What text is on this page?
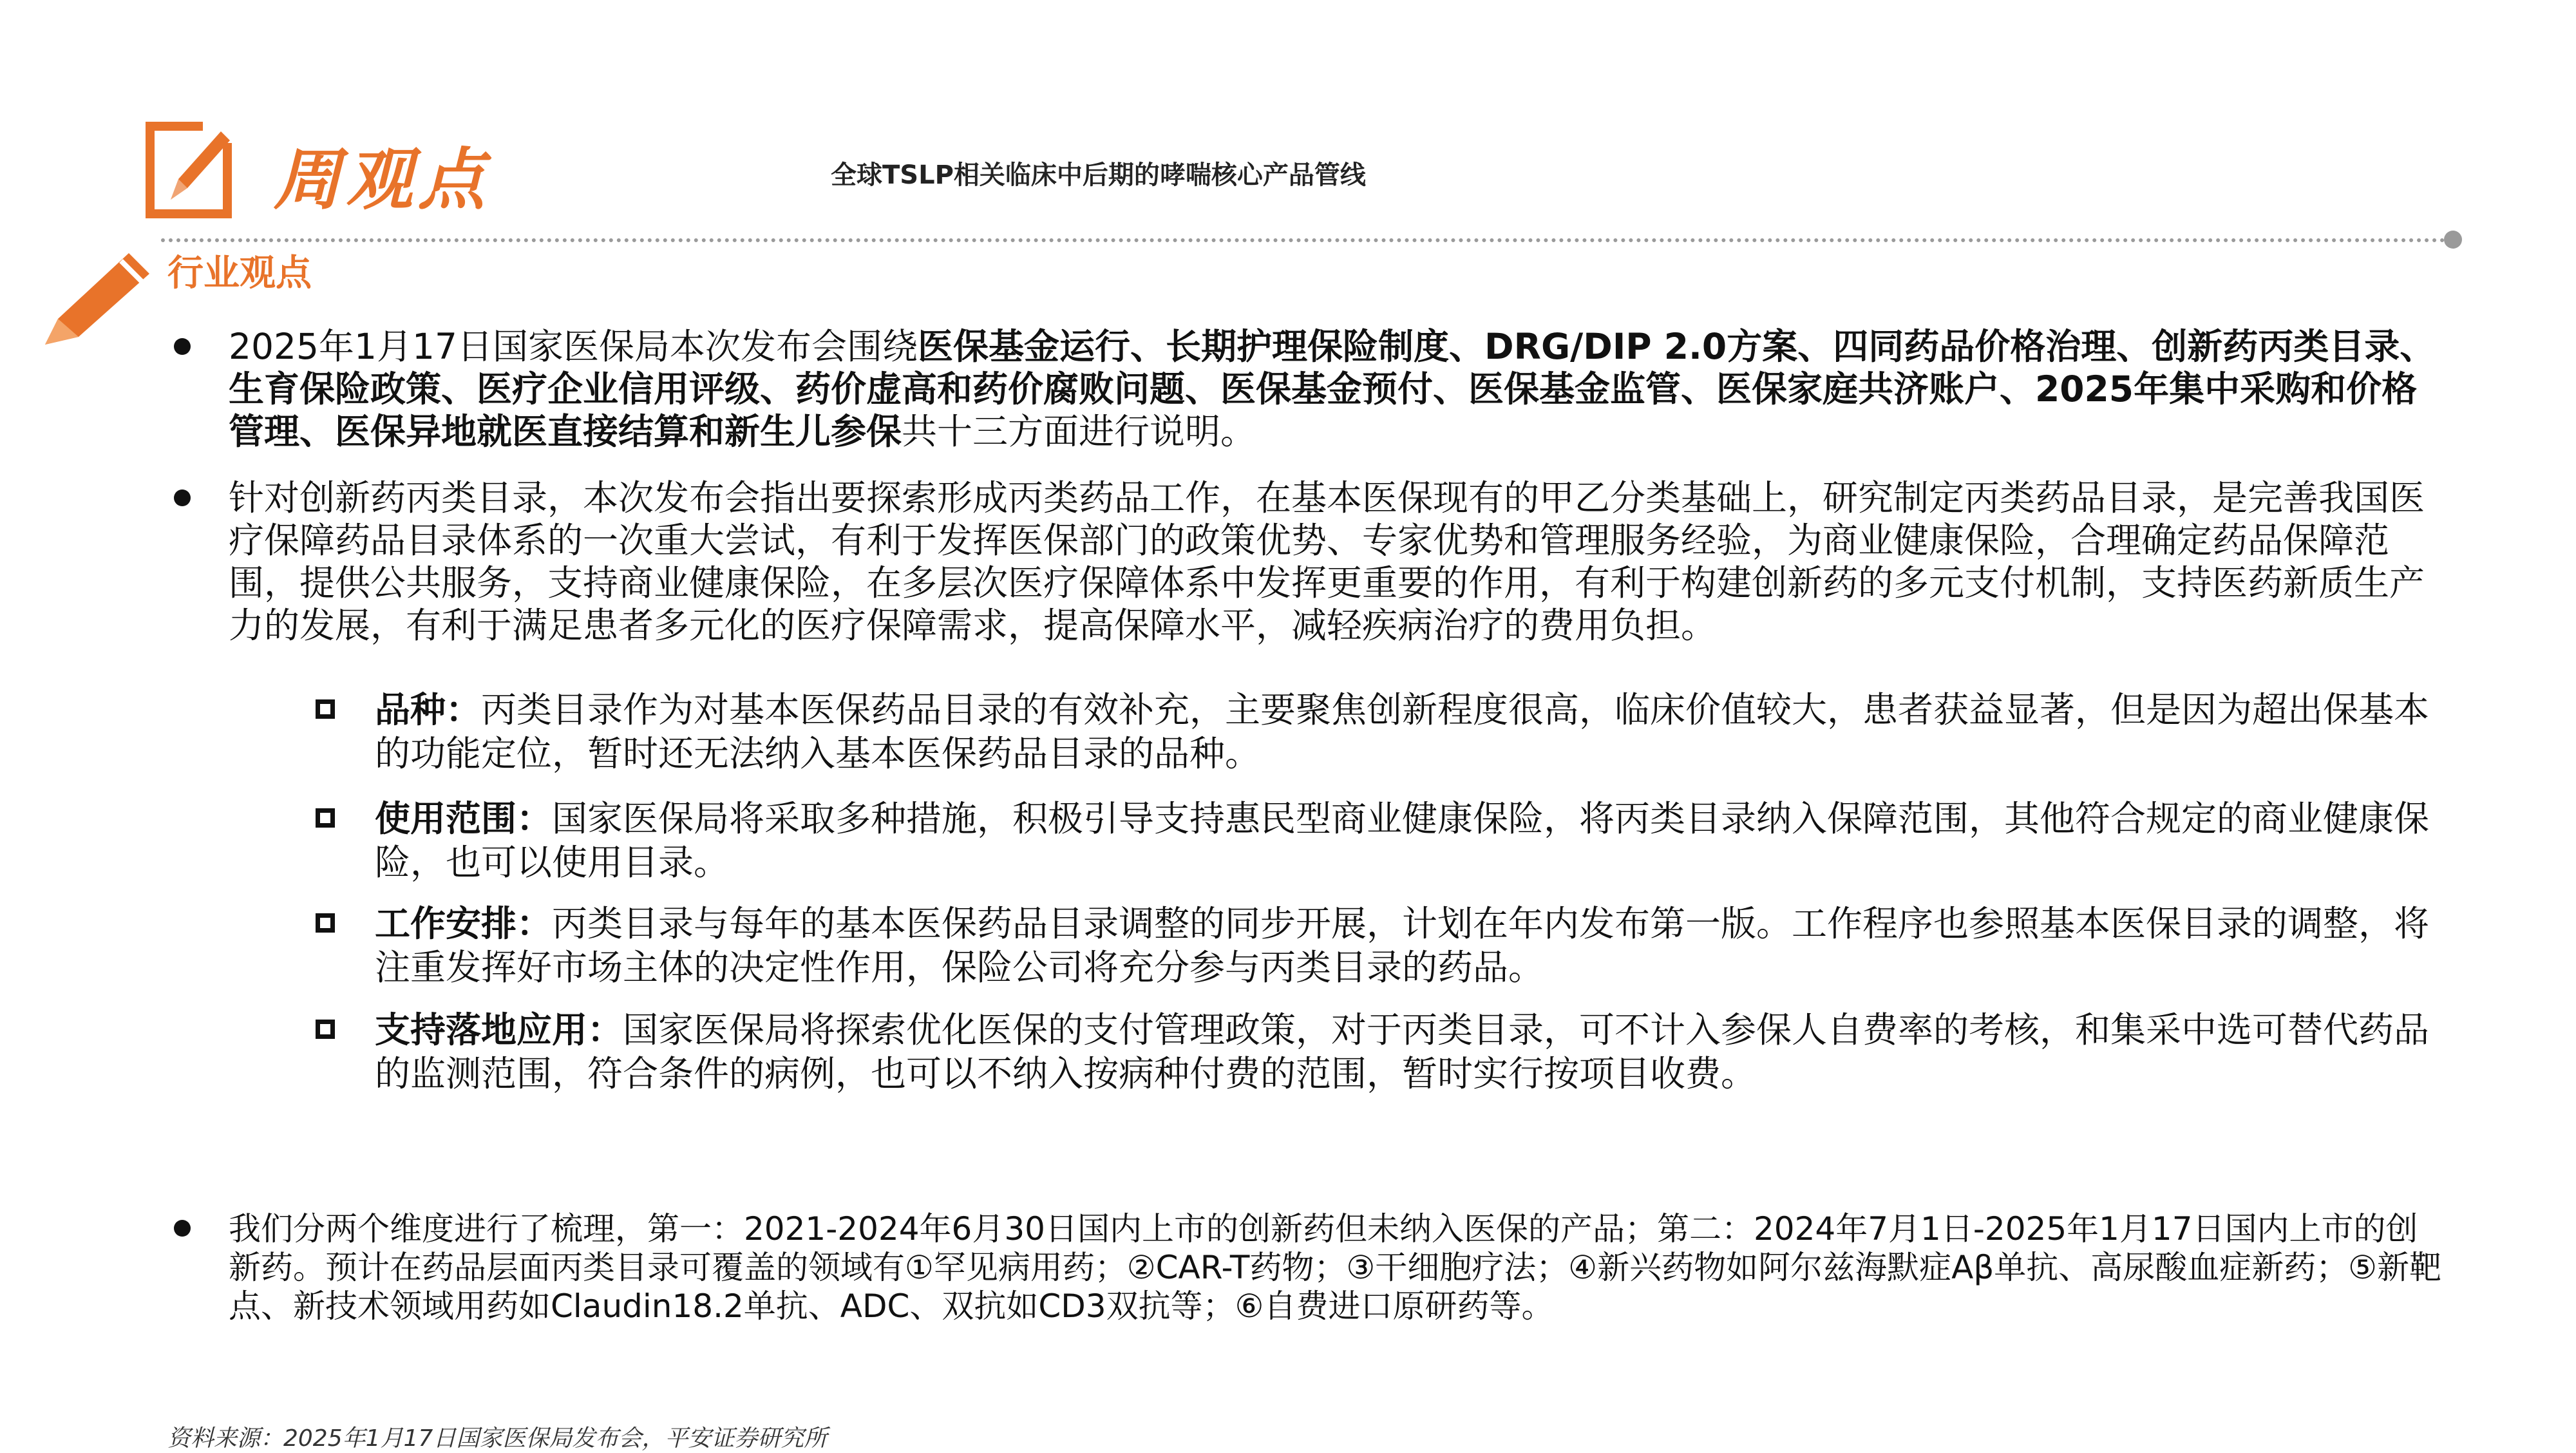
周观点	全球TSLP相关临床中后期的哮喘核心产品管线
行业观点
2025年1月17日国家医保局本次发布会围绕医保基金运行、长期护理保险制度、DRG/DIP 2.0方案、四同药品价格治理、创新药丙类目录、生育保险政策、医疗企业信用评级、药价虚高和药价腐败问题、医保基金预付、医保基金监管、医保家庭共济账户、2025年集中采购和价格管理、医保异地就医直接结算和新生儿参保共十三方面进行说明。
针对创新药丙类目录，本次发布会指出要探索形成丙类药品工作，在基本医保现有的甲乙分类基础上，研究制定丙类药品目录，是完善我国医疗保障药品目录体系的一次重大尝试，有利于发挥医保部门的政策优势、专家优势和管理服务经验，为商业健康保险，合理确定药品保障范围，提供公共服务，支持商业健康保险，在多层次医疗保障体系中发挥更重要的作用，有利于构建创新药的多元支付机制，支持医药新质生产力的发展，有利于满足患者多元化的医疗保障需求，提高保障水平，减轻疾病治疗的费用负担。
品种：丙类目录作为对基本医保药品目录的有效补充，主要聚焦创新程度很高，临床价值较大，患者获益显著，但是因为超出保基本的功能定位，暂时还无法纳入基本医保药品目录的品种。
使用范围：国家医保局将采取多种措施，积极引导支持惠民型商业健康保险，将丙类目录纳入保障范围，其他符合规定的商业健康保险，也可以使用目录。
工作安排：丙类目录与每年的基本医保药品目录调整的同步开展，计划在年内发布第一版。工作程序也参照基本医保目录的调整，将注重发挥好市场主体的决定性作用，保险公司将充分参与丙类目录的药品。
支持落地应用：国家医保局将探索优化医保的支付管理政策，对于丙类目录，可不计入参保人自费率的考核，和集采中选可替代药品的监测范围，符合条件的病例，也可以不纳入按病种付费的范围，暂时实行按项目收费。
我们分两个维度进行了梳理，第一：2021-2024年6月30日国内上市的创新药但未纳入医保的产品；第二：2024年7月1日-2025年1月17日国内上市的创新药。预计在药品层面丙类目录可覆盖的领域有①罕见病用药；②CAR-T药物；③干细胞疗法；④新兴药物如阿尔兹海默症Aβ单抗、高尿酸血症新药；⑤新靶点、新技术领域用药如Claudin18.2单抗、ADC、双抗如CD3双抗等；⑥自费进口原研药等。
资料来源：2025年1月17日国家医保局发布会，平安证券研究所
